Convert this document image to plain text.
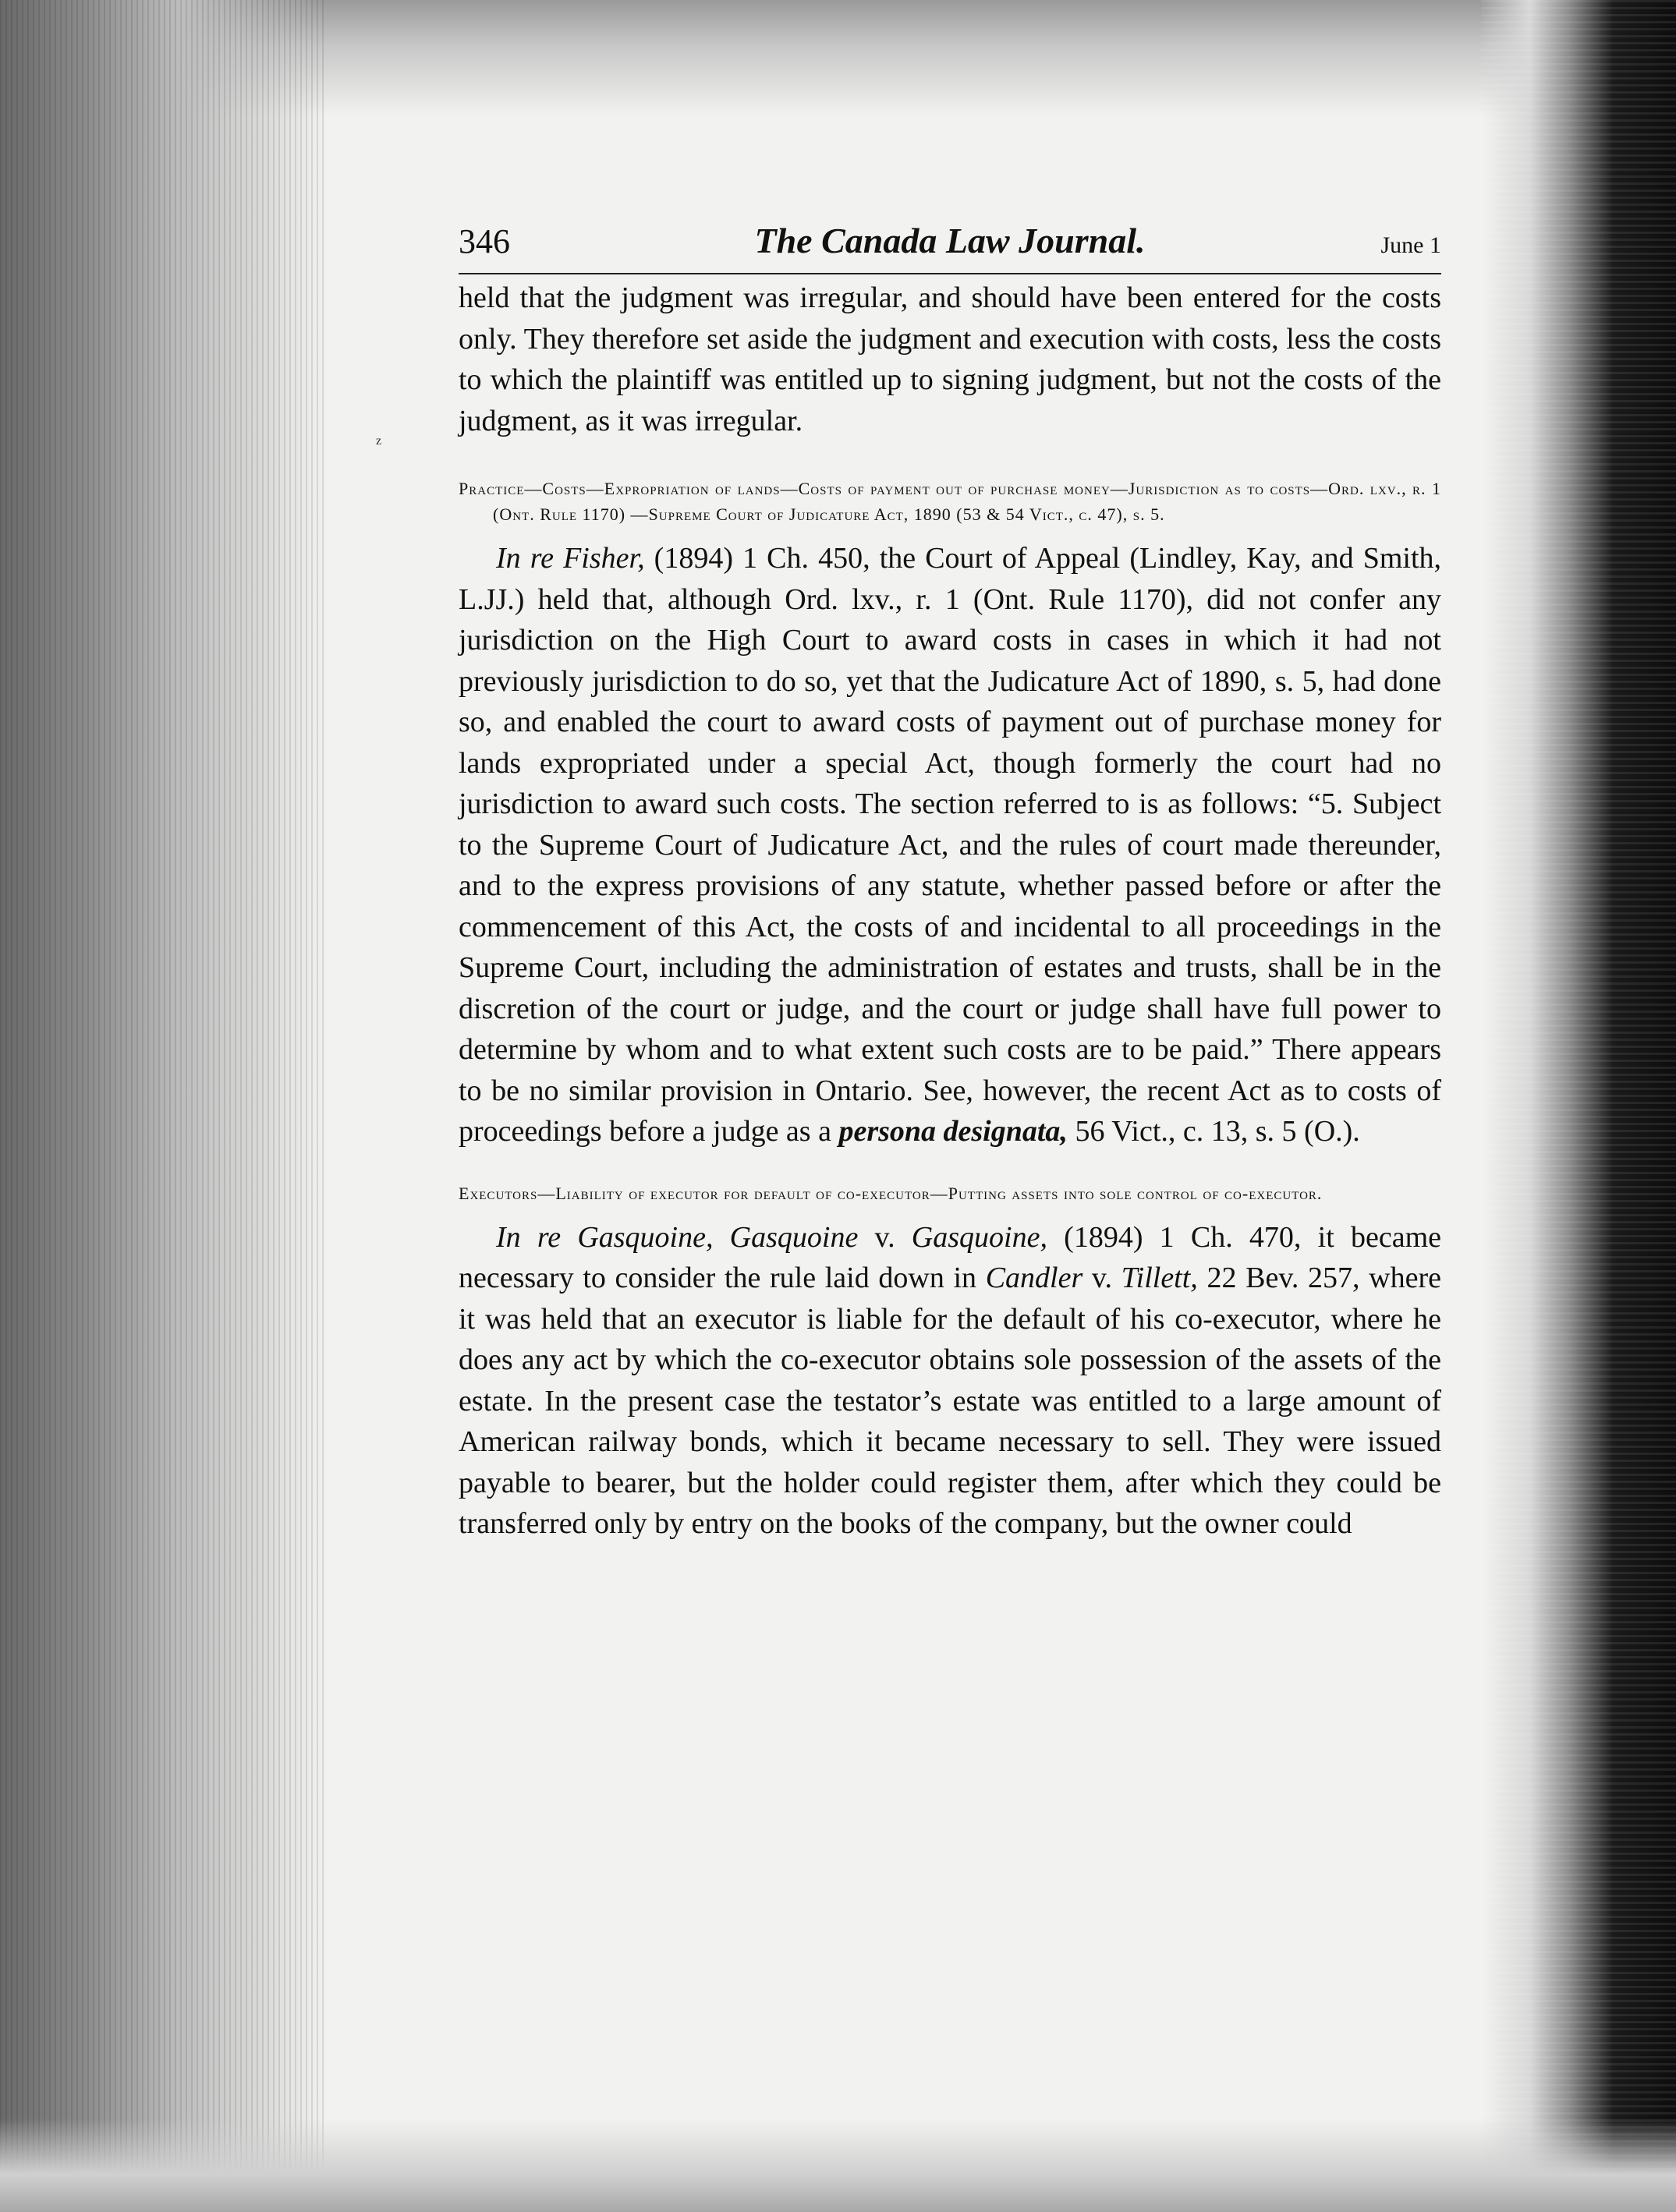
z
346	The Canada Law Journal.	June 1

held that the judgment was irregular, and should have been entered for the costs only. They therefore set aside the judgment and execution with costs, less the costs to which the plaintiff was entitled up to signing judgment, but not the costs of the judgment, as it was irregular.

Practice—Costs—Expropriation of lands—Costs of payment out of purchase money—Jurisdiction as to costs—Ord. lxv., r. 1 (Ont. Rule 1170) —Supreme Court of Judicature Act, 1890 (53 & 54 Vict., c. 47), s. 5.

In re Fisher, (1894) 1 Ch. 450, the Court of Appeal (Lindley, Kay, and Smith, L.JJ.) held that, although Ord. lxv., r. 1 (Ont. Rule 1170), did not confer any jurisdiction on the High Court to award costs in cases in which it had not previously jurisdiction to do so, yet that the Judicature Act of 1890, s. 5, had done so, and enabled the court to award costs of payment out of purchase money for lands expropriated under a special Act, though formerly the court had no jurisdiction to award such costs. The section referred to is as follows: “5. Subject to the Supreme Court of Judicature Act, and the rules of court made thereunder, and to the express provisions of any statute, whether passed before or after the commencement of this Act, the costs of and incidental to all proceedings in the Supreme Court, including the administration of estates and trusts, shall be in the discretion of the court or judge, and the court or judge shall have full power to determine by whom and to what extent such costs are to be paid.” There appears to be no similar provision in Ontario. See, however, the recent Act as to costs of proceedings before a judge as a persona designata, 56 Vict., c. 13, s. 5 (O.).

Executors—Liability of executor for default of co-executor—Putting assets into sole control of co-executor.

In re Gasquoine, Gasquoine v. Gasquoine, (1894) 1 Ch. 470, it became necessary to consider the rule laid down in Candler v. Tillett, 22 Bev. 257, where it was held that an executor is liable for the default of his co-executor, where he does any act by which the co-executor obtains sole possession of the assets of the estate. In the present case the testator’s estate was entitled to a large amount of American railway bonds, which it became necessary to sell. They were issued payable to bearer, but the holder could register them, after which they could be transferred only by entry on the books of the company, but the owner could
